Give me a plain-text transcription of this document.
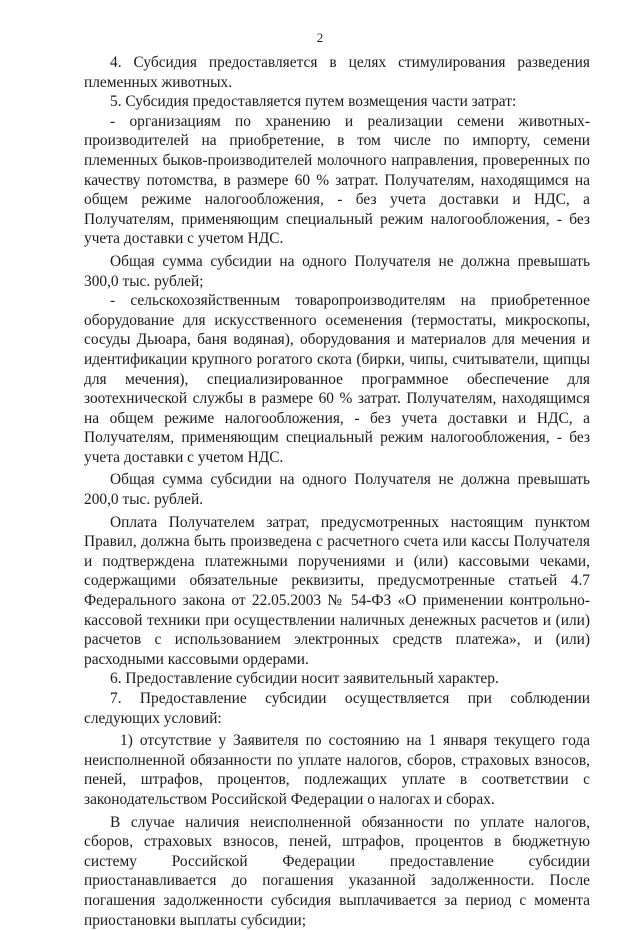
2

4. Субсидия предоставляется в целях стимулирования разведения племенных животных.

5. Субсидия предоставляется путем возмещения части затрат:

- организациям по хранению и реализации семени животных-производителей на приобретение, в том числе по импорту, семени племенных быков-производителей молочного направления, проверенных по качеству потомства, в размере 60 % затрат. Получателям, находящимся на общем режиме налогообложения, - без учета доставки и НДС, а Получателям, применяющим специальный режим налогообложения, - без учета доставки с учетом НДС.

Общая сумма субсидии на одного Получателя не должна превышать 300,0 тыс. рублей;

- сельскохозяйственным товаропроизводителям на приобретенное оборудование для искусственного осеменения (термостаты, микроскопы, сосуды Дьюара, баня водяная), оборудования и материалов для мечения и идентификации крупного рогатого скота (бирки, чипы, считыватели, щипцы для мечения), специализированное программное обеспечение для зоотехнической службы в размере 60 % затрат. Получателям, находящимся на общем режиме налогообложения, - без учета доставки и НДС, а Получателям, применяющим специальный режим налогообложения, - без учета доставки с учетом НДС.

Общая сумма субсидии на одного Получателя не должна превышать 200,0 тыс. рублей.

Оплата Получателем затрат, предусмотренных настоящим пунктом Правил, должна быть произведена с расчетного счета или кассы Получателя и подтверждена платежными поручениями и (или) кассовыми чеками, содержащими обязательные реквизиты, предусмотренные статьей 4.7 Федерального закона от 22.05.2003 № 54-ФЗ «О применении контрольно-кассовой техники при осуществлении наличных денежных расчетов и (или) расчетов с использованием электронных средств платежа», и (или) расходными кассовыми ордерами.

6. Предоставление субсидии носит заявительный характер.

7. Предоставление субсидии осуществляется при соблюдении следующих условий:

1) отсутствие у Заявителя по состоянию на 1 января текущего года неисполненной обязанности по уплате налогов, сборов, страховых взносов, пеней, штрафов, процентов, подлежащих уплате в соответствии с законодательством Российской Федерации о налогах и сборах.

В случае наличия неисполненной обязанности по уплате налогов, сборов, страховых взносов, пеней, штрафов, процентов в бюджетную систему Российской Федерации предоставление субсидии приостанавливается до погашения указанной задолженности. После погашения задолженности субсидия выплачивается за период с момента приостановки выплаты субсидии;
